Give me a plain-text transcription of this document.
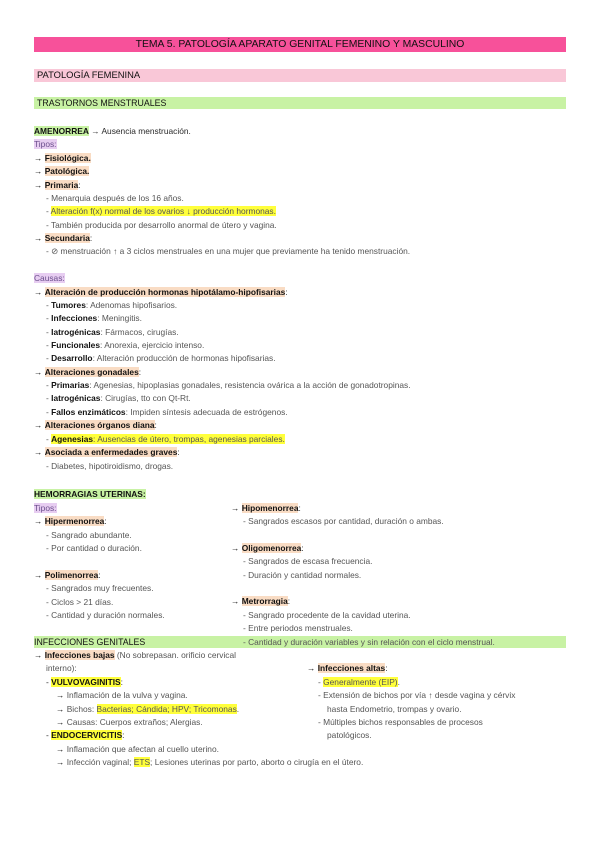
TEMA 5. PATOLOGÍA APARATO GENITAL FEMENINO Y MASCULINO
PATOLOGÍA FEMENINA
TRASTORNOS MENSTRUALES
AMENORREA → Ausencia menstruación.
Tipos:
→ Fisiológica.
→ Patológica.
→ Primaria:
- Menarquia después de los 16 años.
- Alteración f(x) normal de los ovarios ↓ producción hormonas.
- También producida por desarrollo anormal de útero y vagina.
→ Secundaria:
- ⊘ menstruación ↑ a 3 ciclos menstruales en una mujer que previamente ha tenido menstruación.
Causas:
→ Alteración de producción hormonas hipotálamo-hipofisarias:
- Tumores: Adenomas hipofisarios.
- Infecciones: Meningitis.
- Iatrogénicas: Fármacos, cirugías.
- Funcionales: Anorexia, ejercicio intenso.
- Desarrollo: Alteración producción de hormonas hipofisarias.
→ Alteraciones gonadales:
- Primarias: Agenesias, hipoplasias gonadales, resistencia ovárica a la acción de gonadotropinas.
- Iatrogénicas: Cirugías, tto con Qt-Rt.
- Fallos enzimáticos: Impiden síntesis adecuada de estrógenos.
→ Alteraciones órganos diana:
- Agenesias: Ausencias de útero, trompas, agenesias parciales.
→ Asociada a enfermedades graves:
- Diabetes, hipotiroidismo, drogas.
HEMORRAGIAS UTERINAS:
Tipos:
→ Hipermenorrea:
- Sangrado abundante.
- Por cantidad o duración.
→ Polimenorrea:
- Sangrados muy frecuentes.
- Ciclos > 21 días.
- Cantidad y duración normales.
→ Hipomenorrea:
- Sangrados escasos por cantidad, duración o ambas.
→ Oligomenorrea:
- Sangrados de escasa frecuencia.
- Duración y cantidad normales.
→ Metrorragia:
- Sangrado procedente de la cavidad uterina.
- Entre periodos menstruales.
INFECCIONES GENITALES	- Cantidad y duración variables y sin relación con el ciclo menstrual.
→ Infecciones bajas (No sobrepasan. orificio cervical
interno):
- VULVOVAGINITIS:
→ Inflamación de la vulva y vagina.
→ Bichos: Bacterias; Cándida; HPV; Tricomonas.
→ Causas: Cuerpos extraños; Alergias.
- ENDOCERVICITIS:
→ Inflamación que afectan al cuello uterino.
→ Infección vaginal; ETS; Lesiones uterinas por parto, aborto o cirugía en el útero.
→ Infecciones altas:
- Generalmente (EIP).
- Extensión de bichos por vía ↑ desde vagina y cérvix
hasta Endometrio, trompas y ovario.
- Múltiples bichos responsables de procesos
patológicos.
